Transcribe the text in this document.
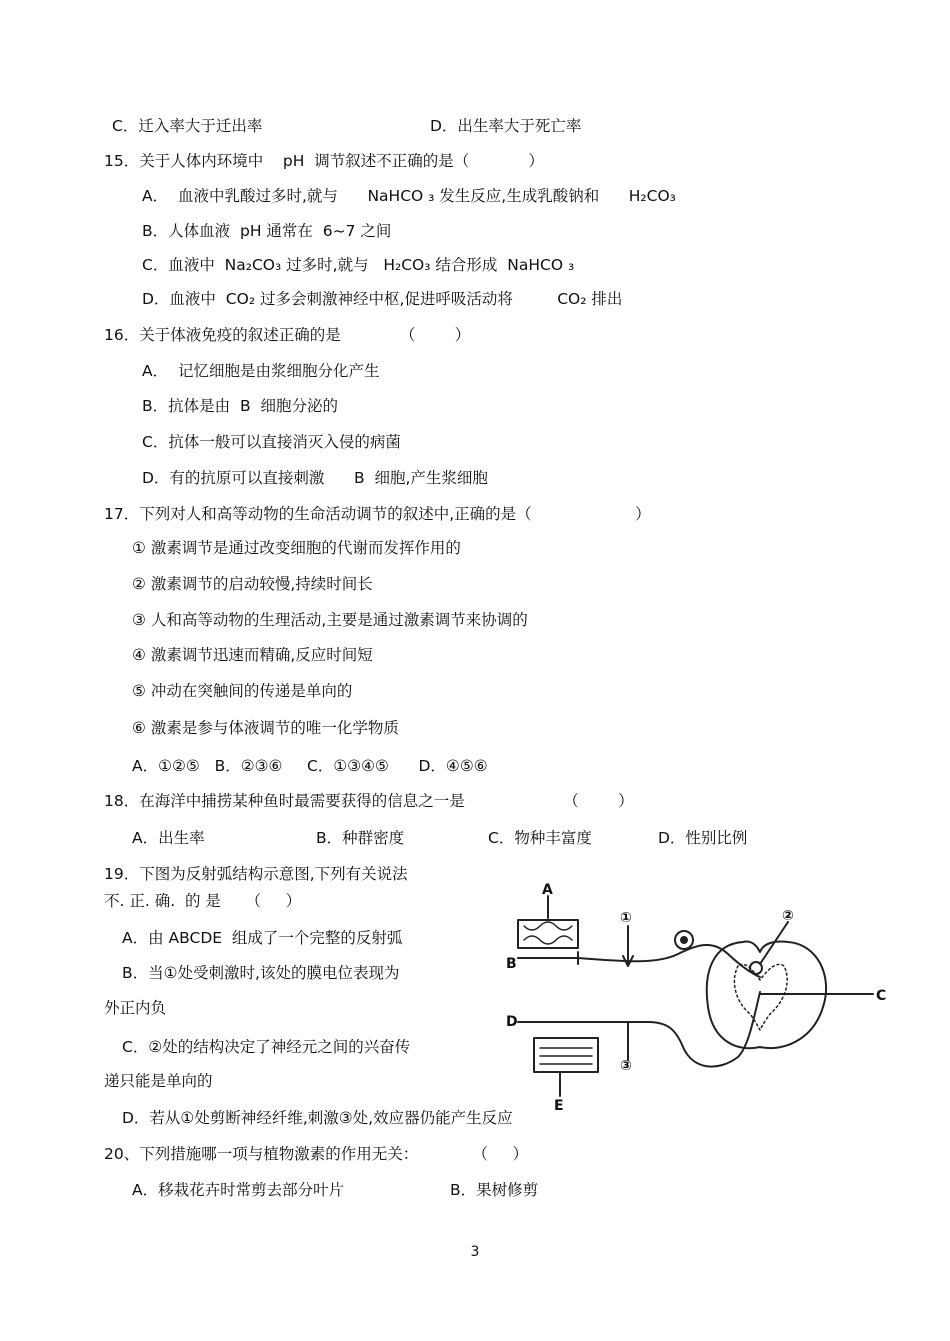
C．迁入率大于迁出率	D．出生率大于死亡率
15．关于人体内环境中    pH  调节叙述不正确的是（            ）
A．  血液中乳酸过多时,就与      NaHCO ₃ 发生反应,生成乳酸钠和      H₂CO₃
B．人体血液  pH 通常在  6~7 之间
C．血液中  Na₂CO₃ 过多时,就与   H₂CO₃ 结合形成  NaHCO ₃
D．血液中  CO₂ 过多会刺激神经中枢,促进呼吸活动将         CO₂ 排出
16．关于体液免疫的叙述正确的是            （        ）
A．  记忆细胞是由浆细胞分化产生
B．抗体是由  B  细胞分泌的
C．抗体一般可以直接消灭入侵的病菌
D．有的抗原可以直接刺激      B  细胞,产生浆细胞
17．下列对人和高等动物的生命活动调节的叙述中,正确的是（                     ）
① 激素调节是通过改变细胞的代谢而发挥作用的
② 激素调节的启动较慢,持续时间长
③ 人和高等动物的生理活动,主要是通过激素调节来协调的
④ 激素调节迅速而精确,反应时间短
⑤ 冲动在突触间的传递是单向的
⑥ 激素是参与体液调节的唯一化学物质
A．①②⑤   B．②③⑥     C．①③④⑤      D．④⑤⑥
18．在海洋中捕捞某种鱼时最需要获得的信息之一是                    （        ）
A．出生率	B．种群密度	C．物种丰富度	D．性别比例
19．下图为反射弧结构示意图,下列有关说法
不. 正. 确.  的 是     （     ）
A．由 ABCDE  组成了一个完整的反射弧
B．当①处受刺激时,该处的膜电位表现为
外正内负
C．②处的结构决定了神经元之间的兴奋传
递只能是单向的
D．若从①处剪断神经纤维,刺激③处,效应器仍能产生反应
20、下列措施哪一项与植物激素的作用无关：           （     ）
A．移栽花卉时常剪去部分叶片	B．果树修剪
A
B
C
D
E
①	②
③
3
